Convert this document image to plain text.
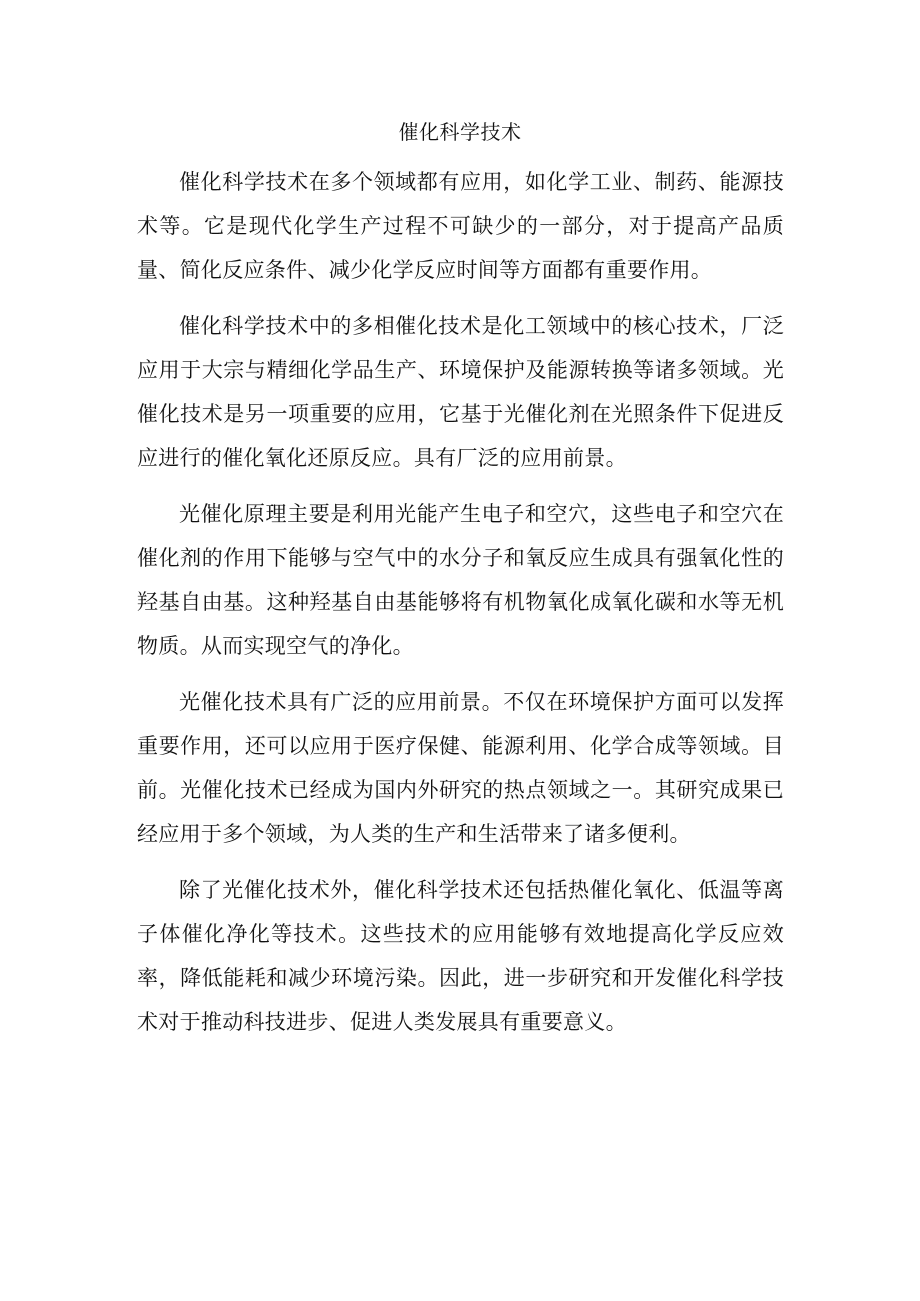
催化科学技术

催化科学技术在多个领域都有应用，如化学工业、制药、能源技术等。它是现代化学生产过程不可缺少的一部分，对于提高产品质量、简化反应条件、减少化学反应时间等方面都有重要作用。

催化科学技术中的多相催化技术是化工领域中的核心技术，厂泛应用于大宗与精细化学品生产、环境保护及能源转换等诸多领域。光催化技术是另一项重要的应用，它基于光催化剂在光照条件下促进反应进行的催化氧化还原反应。具有厂泛的应用前景。

光催化原理主要是利用光能产生电子和空穴，这些电子和空穴在催化剂的作用下能够与空气中的水分子和氧反应生成具有强氧化性的羟基自由基。这种羟基自由基能够将有机物氧化成氧化碳和水等无机物质。从而实现空气的净化。

光催化技术具有广泛的应用前景。不仅在环境保护方面可以发挥重要作用，还可以应用于医疗保健、能源利用、化学合成等领域。目前。光催化技术已经成为国内外研究的热点领域之一。其研究成果已经应用于多个领域，为人类的生产和生活带来了诸多便利。

除了光催化技术外，催化科学技术还包括热催化氧化、低温等离子体催化净化等技术。这些技术的应用能够有效地提高化学反应效率，降低能耗和减少环境污染。因此，进一步研究和开发催化科学技术对于推动科技进步、促进人类发展具有重要意义。
